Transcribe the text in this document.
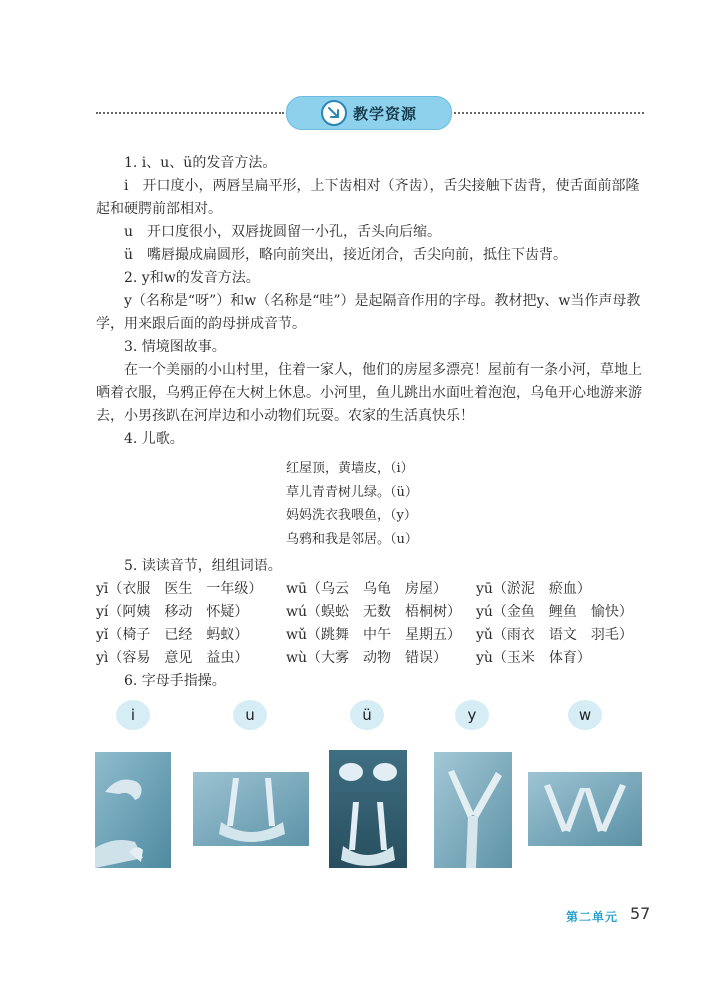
教学资源

1. i、u、ü的发音方法。

i　开口度小，两唇呈扁平形，上下齿相对（齐齿），舌尖接触下齿背，使舌面前部隆起和硬腭前部相对。

u　开口度很小，双唇拢圆留一小孔，舌头向后缩。

ü　嘴唇撮成扁圆形，略向前突出，接近闭合，舌尖向前，抵住下齿背。

2. y和w的发音方法。

y（名称是“呀”）和w（名称是“哇”）是起隔音作用的字母。教材把y、w当作声母教学，用来跟后面的韵母拼成音节。

3. 情境图故事。

在一个美丽的小山村里，住着一家人，他们的房屋多漂亮！屋前有一条小河，草地上晒着衣服，乌鸦正停在大树上休息。小河里，鱼儿跳出水面吐着泡泡，乌龟开心地游来游去，小男孩趴在河岸边和小动物们玩耍。农家的生活真快乐！

4. 儿歌。

红屋顶，黄墙皮，（i）
草儿青青树儿绿。（ü）
妈妈洗衣我喂鱼，（y）
乌鸦和我是邻居。（u）

5. 读读音节，组组词语。

yī（衣服　医生　一年级）	wū（乌云　乌龟　房屋）	yū（淤泥　瘀血）
yí（阿姨　移动　怀疑）	wú（蜈蚣　无数　梧桐树）	yú（金鱼　鲤鱼　愉快）
yǐ（椅子　已经　蚂蚁）	wǔ（跳舞　中午　星期五）	yǔ（雨衣　语文　羽毛）
yì（容易　意见　益虫）	wù（大雾　动物　错误）	yù（玉米　体育）

6. 字母手指操。

i	u	ü	y	w
第二单元 57
